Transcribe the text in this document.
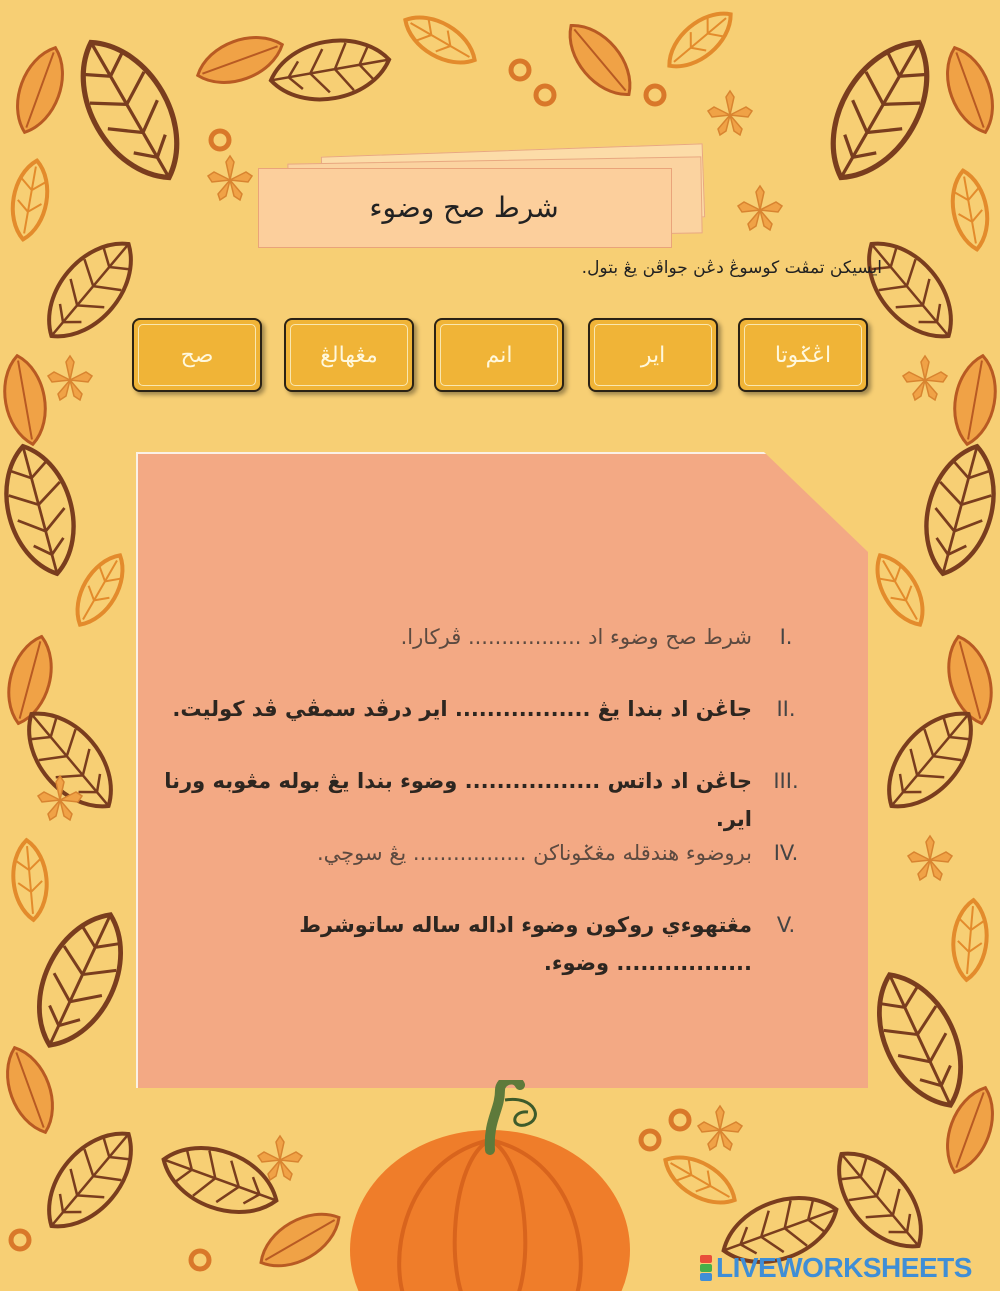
شرط صح وضوء
ايسيكن تمڤت كوسوڠ دڠن جواڤن يڠ بتول.
اڠݢوتا
اير
انم
مڠهالڠ
صح
I.
شرط صح وضوء اد ................. ڤركارا.
II.
جاڠن اد بندا يڠ ................. اير درڤد سمڤي ڤد كوليت.
III.
جاڠن اد داتس ................. وضوء بندا يڠ بوله مڠوبه ورنا اير.
IV.
بروضوء هندقله مڠݢوناكن ................. يڠ سوچي.
V.
مڠتهوءي روكون وضوء اداله ساله ساتوشرط ................. وضوء.
LIVEWORKSHEETS
